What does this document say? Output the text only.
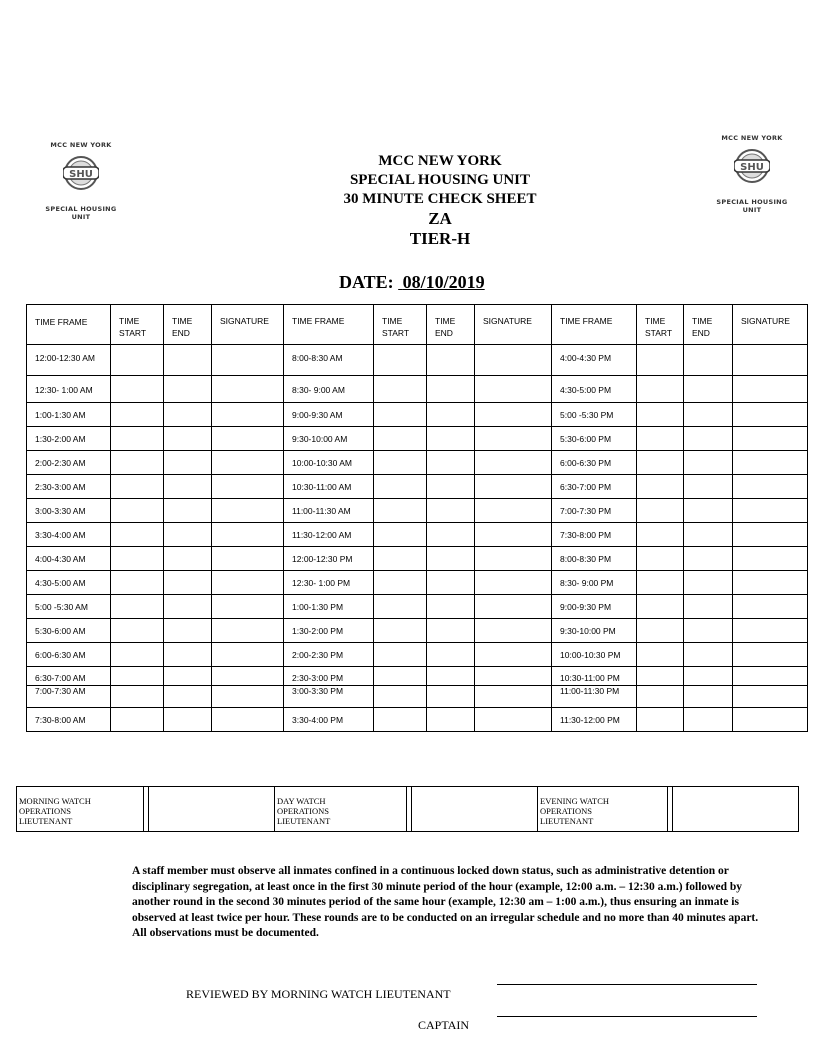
MCC NEW YORK
SHU
SPECIAL HOUSING UNIT
MCC NEW YORK
SHU
SPECIAL HOUSING UNIT
MCC NEW YORK
SPECIAL HOUSING UNIT
30 MINUTE CHECK SHEET
ZA
TIER-H
DATE: 08/10/2019
TIME FRAME	TIME START	TIME END	SIGNATURE	TIME FRAME	TIME START	TIME END	SIGNATURE	TIME FRAME	TIME START	TIME END	SIGNATURE
12:00-12:30 AM				8:00-8:30 AM				4:00-4:30 PM			
12:30- 1:00 AM				8:30- 9:00 AM				4:30-5:00 PM			
1:00-1:30 AM				9:00-9:30 AM				5:00 -5:30 PM			
1:30-2:00 AM				9:30-10:00 AM				5:30-6:00 PM			
2:00-2:30 AM				10:00-10:30 AM				6:00-6:30 PM			
2:30-3:00 AM				10:30-11:00 AM				6:30-7:00 PM			
3:00-3:30 AM				11:00-11:30 AM				7:00-7:30 PM			
3:30-4:00 AM				11:30-12:00 AM				7:30-8:00 PM			
4:00-4:30 AM				12:00-12:30 PM				8:00-8:30 PM			
4:30-5:00 AM				12:30- 1:00 PM				8:30- 9:00 PM			
5:00 -5:30 AM				1:00-1:30 PM				9:00-9:30 PM			
5:30-6:00 AM				1:30-2:00 PM				9:30-10:00 PM			
6:00-6:30 AM				2:00-2:30 PM				10:00-10:30 PM			
6:30-7:00 AM				2:30-3:00 PM				10:30-11:00 PM			
7:00-7:30 AM				3:00-3:30 PM				11:00-11:30 PM			
7:30-8:00 AM				3:30-4:00 PM				11:30-12:00 PM			
MORNING WATCH
OPERATIONS
LIEUTENANT			DAY WATCH
OPERATIONS
LIEUTENANT			EVENING WATCH
OPERATIONS
LIEUTENANT		
A staff member must observe all inmates confined in a continuous locked down status, such as administrative detention or disciplinary segregation, at least once in the first 30 minute period of the hour (example, 12:00 a.m. – 12:30 a.m.) followed by another round in the second 30 minutes period of the same hour (example, 12:30 am – 1:00 a.m.), thus ensuring an inmate is observed at least twice per hour. These rounds are to be conducted on an irregular schedule and no more than 40 minutes apart. All observations must be documented.
REVIEWED BY MORNING WATCH LIEUTENANT
CAPTAIN
